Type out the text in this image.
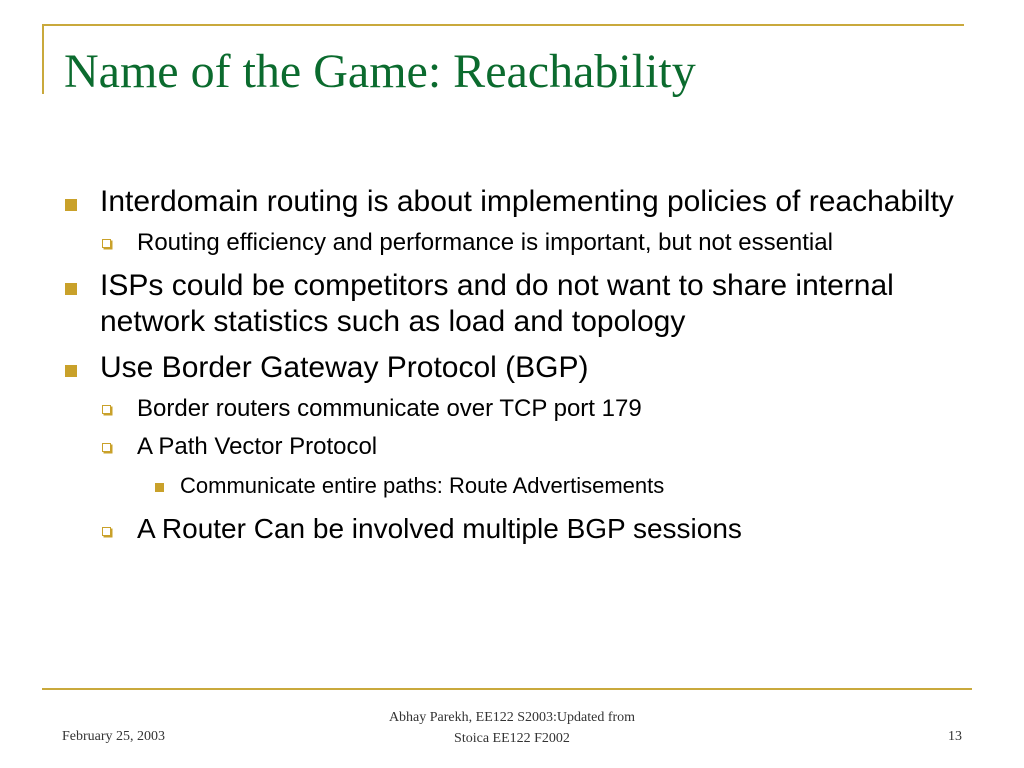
Name of the Game: Reachability
Interdomain routing is about implementing policies of reachabilty
Routing efficiency and performance is important, but not essential
ISPs could be competitors and do not want to share internal network statistics such as load and topology
Use Border Gateway Protocol (BGP)
Border routers communicate over TCP port 179
A Path Vector Protocol
Communicate entire paths: Route Advertisements
A Router Can be involved multiple BGP sessions
February 25, 2003
Abhay Parekh, EE122 S2003:Updated from
Stoica EE122 F2002	13
